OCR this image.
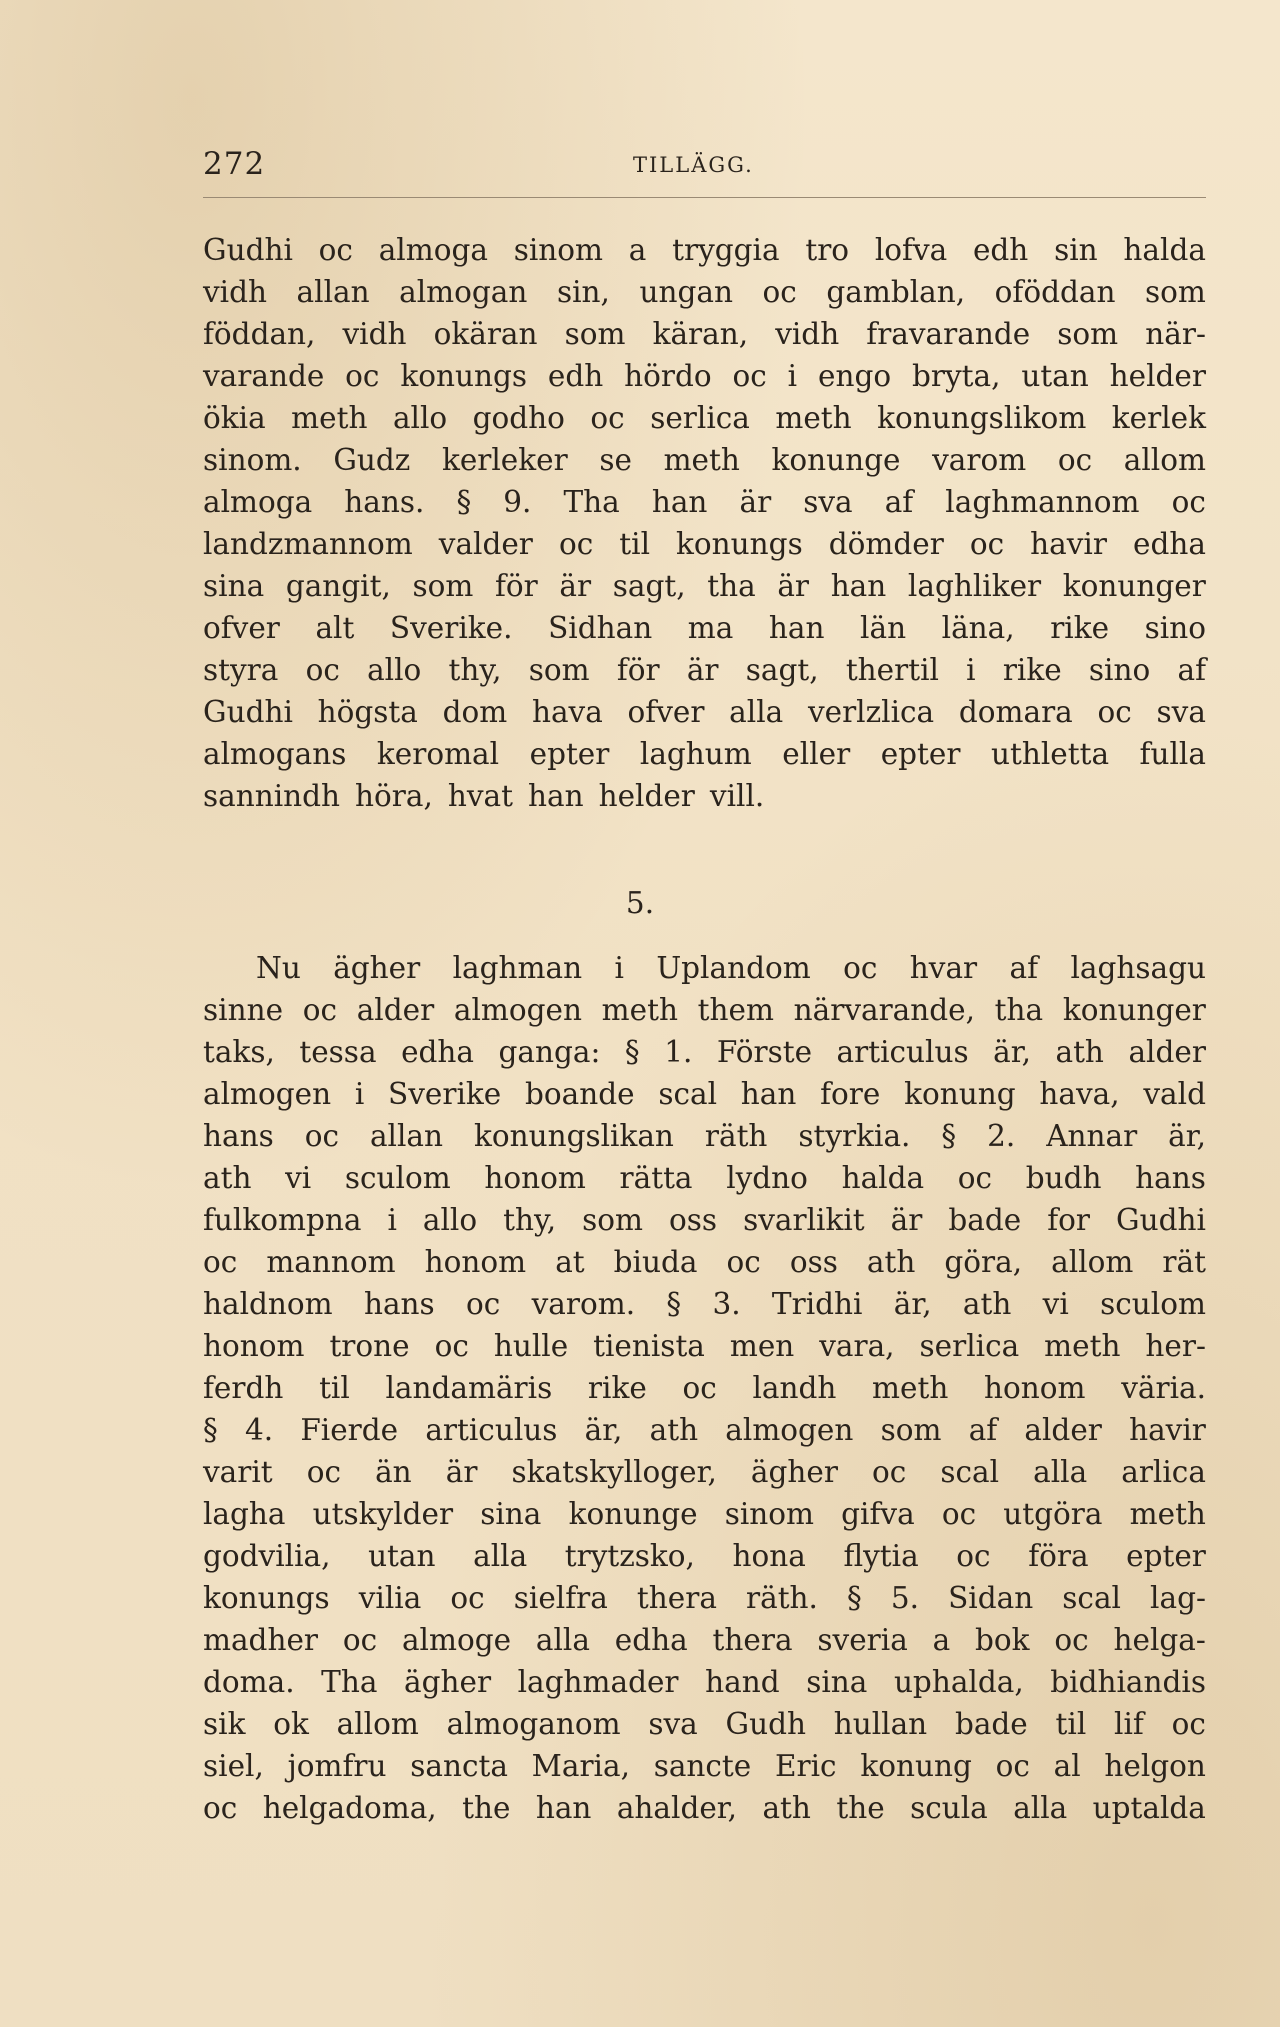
272	TILLÄGG.
Gudhi oc almoga sinom a tryggia tro lofva edh sin halda
vidh allan almogan sin, ungan oc gamblan, oföddan som
föddan, vidh okäran som käran, vidh fravarande som när-
varande oc konungs edh hördo oc i engo bryta, utan helder
ökia meth allo godho oc serlica meth konungslikom kerlek
sinom. Gudz kerleker se meth konunge varom oc allom
almoga hans. § 9. Tha han är sva af laghmannom oc
landzmannom valder oc til konungs dömder oc havir edha
sina gangit, som för är sagt, tha är han laghliker konunger
ofver alt Sverike. Sidhan ma han län läna, rike sino
styra oc allo thy, som för är sagt, thertil i rike sino af
Gudhi högsta dom hava ofver alla verlzlica domara oc sva
almogans keromal epter laghum eller epter uthletta fulla
sannindh höra, hvat han helder vill.
5.
Nu ägher laghman i Uplandom oc hvar af laghsagu
sinne oc alder almogen meth them närvarande, tha konunger
taks, tessa edha ganga: § 1. Förste articulus är, ath alder
almogen i Sverike boande scal han fore konung hava, vald
hans oc allan konungslikan räth styrkia. § 2. Annar är,
ath vi sculom honom rätta lydno halda oc budh hans
fulkompna i allo thy, som oss svarlikit är bade for Gudhi
oc mannom honom at biuda oc oss ath göra, allom rät
haldnom hans oc varom. § 3. Tridhi är, ath vi sculom
honom trone oc hulle tienista men vara, serlica meth her-
ferdh til landamäris rike oc landh meth honom väria.
§ 4. Fierde articulus är, ath almogen som af alder havir
varit oc än är skatskylloger, ägher oc scal alla arlica
lagha utskylder sina konunge sinom gifva oc utgöra meth
godvilia, utan alla trytzsko, hona flytia oc föra epter
konungs vilia oc sielfra thera räth. § 5. Sidan scal lag-
madher oc almoge alla edha thera sveria a bok oc helga-
doma. Tha ägher laghmader hand sina uphalda, bidhiandis
sik ok allom almoganom sva Gudh hullan bade til lif oc
siel, jomfru sancta Maria, sancte Eric konung oc al helgon
oc helgadoma, the han ahalder, ath the scula alla uptalda
